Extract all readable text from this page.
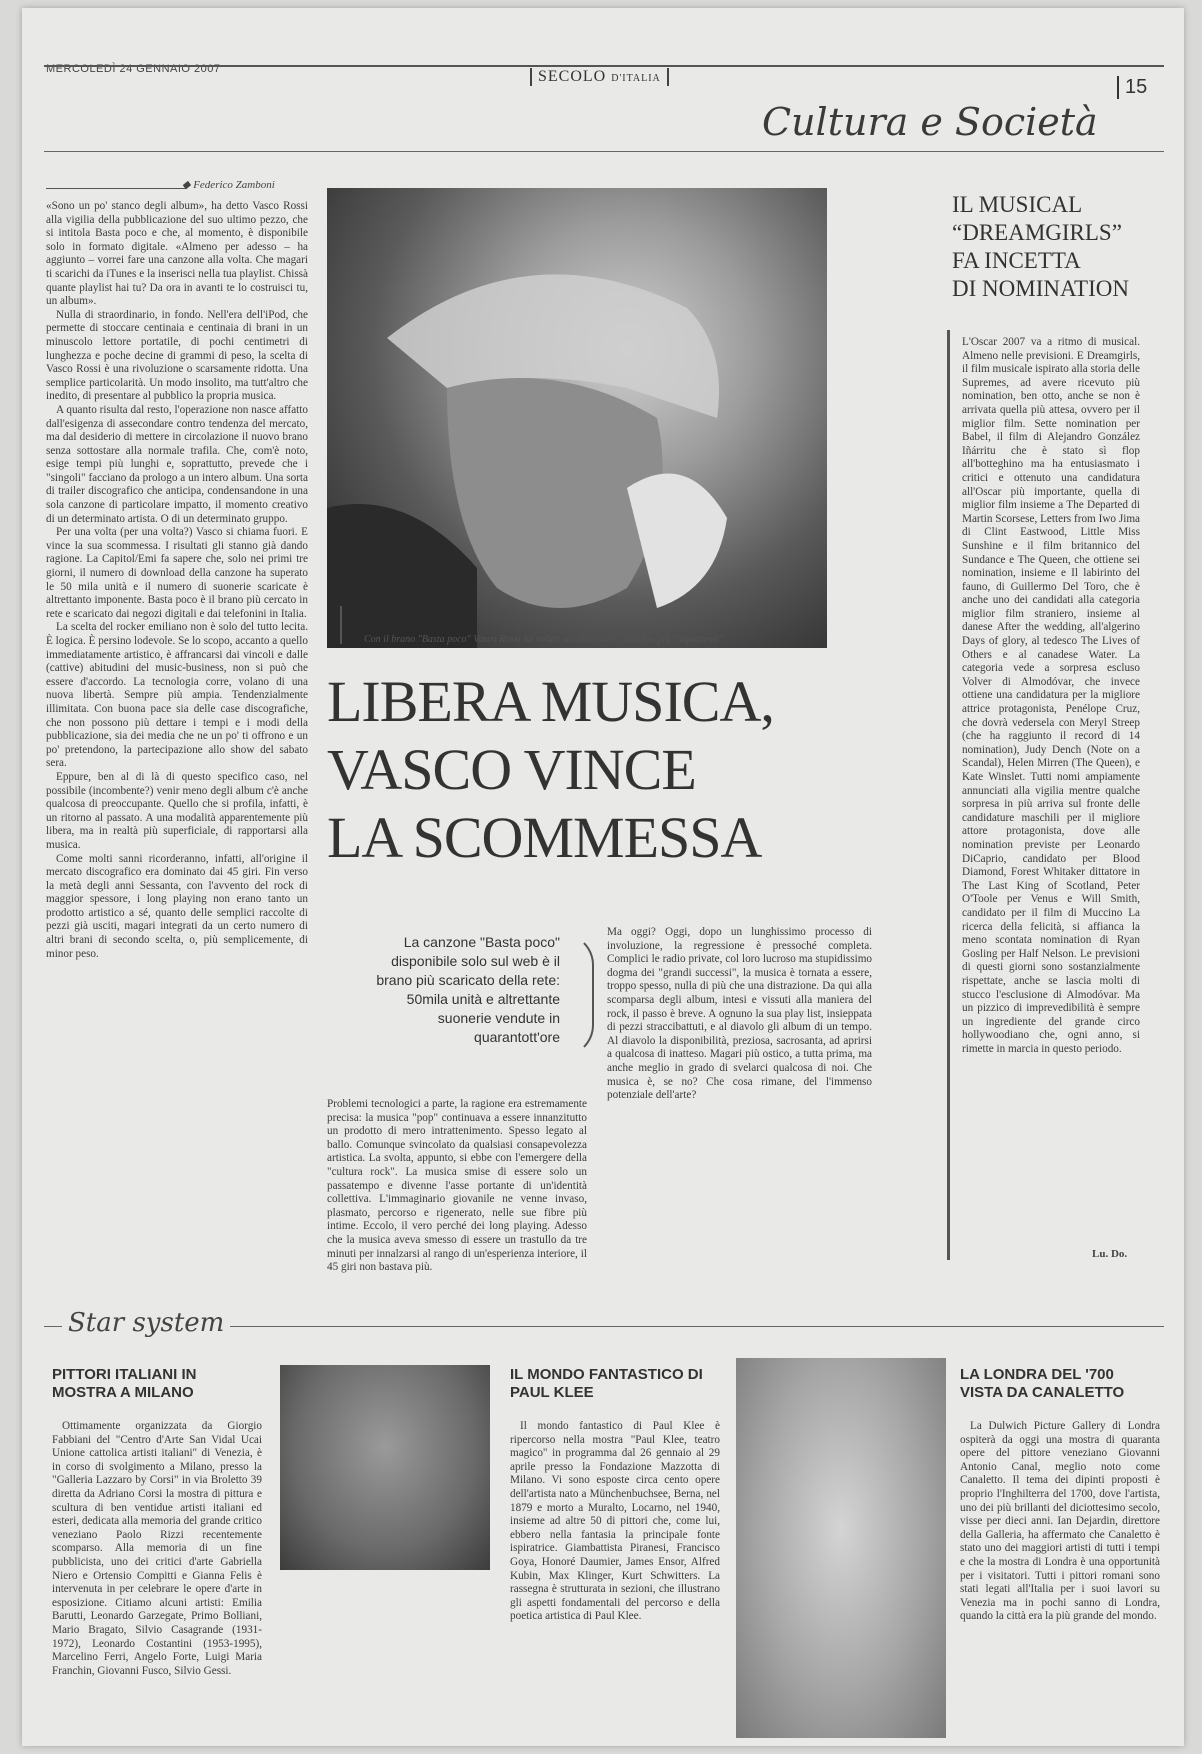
MERCOLEDÌ 24 GENNAIO 2007	SECOLO D'ITALIA	15
Cultura e Società
◆ Federico Zamboni

«Sono un po' stanco degli album», ha detto Vasco Rossi alla vigilia della pubblicazione del suo ultimo pezzo, che si intitola Basta poco e che, al momento, è disponibile solo in formato digitale. «Almeno per adesso – ha aggiunto – vorrei fare una canzone alla volta. Che magari ti scarichi da iTunes e la inserisci nella tua playlist. Chissà quante playlist hai tu? Da ora in avanti te lo costruisci tu, un album».

Nulla di straordinario, in fondo. Nell'era dell'iPod, che permette di stoccare centinaia e centinaia di brani in un minuscolo lettore portatile, di pochi centimetri di lunghezza e poche decine di grammi di peso, la scelta di Vasco Rossi è una rivoluzione o scarsamente ridotta. Una semplice particolarità. Un modo insolito, ma tutt'altro che inedito, di presentare al pubblico la propria musica.

A quanto risulta dal resto, l'operazione non nasce affatto dall'esigenza di assecondare contro tendenza del mercato, ma dal desiderio di mettere in circolazione il nuovo brano senza sottostare alla normale trafila. Che, com'è noto, esige tempi più lunghi e, soprattutto, prevede che i "singoli" facciano da prologo a un intero album. Una sorta di trailer discografico che anticipa, condensandone in una sola canzone di particolare impatto, il momento creativo di un determinato artista. O di un determinato gruppo.

Per una volta (per una volta?) Vasco si chiama fuori. E vince la sua scommessa. I risultati gli stanno già dando ragione. La Capitol/Emi fa sapere che, solo nei primi tre giorni, il numero di download della canzone ha superato le 50 mila unità e il numero di suonerie scaricate è altrettanto imponente. Basta poco è il brano più cercato in rete e scaricato dai negozi digitali e dai telefonini in Italia.

La scelta del rocker emiliano non è solo del tutto lecita. È logica. È persino lodevole. Se lo scopo, accanto a quello immediatamente artistico, è affrancarsi dai vincoli e dalle (cattive) abitudini del music-business, non si può che essere d'accordo. La tecnologia corre, volano di una nuova libertà. Sempre più ampia. Tendenzialmente illimitata. Con buona pace sia delle case discografiche, che non possono più dettare i tempi e i modi della pubblicazione, sia dei media che ne un po' ti offrono e un po' pretendono, la partecipazione allo show del sabato sera.

Eppure, ben al di là di questo specifico caso, nel possibile (incombente?) venir meno degli album c'è anche qualcosa di preoccupante. Quello che si profila, infatti, è un ritorno al passato. A una modalità apparentemente più libera, ma in realtà più superficiale, di rapportarsi alla musica.

Come molti sanni ricorderanno, infatti, all'origine il mercato discografico era dominato dai 45 giri. Fin verso la metà degli anni Sessanta, con l'avvento del rock di maggior spessore, i long playing non erano tanto un prodotto artistico a sé, quanto delle semplici raccolte di pezzi già usciti, magari integrati da un certo numero di altri brani di secondo scelta, o, più semplicemente, di minor peso.

Con il brano "Basta poco" Vasco Rossi ha voluto accontentare i suoi fan più "impazienti"
LIBERA MUSICA,
VASCO VINCE
LA SCOMMESSA
La canzone "Basta poco" disponibile solo sul web è il brano più scaricato della rete: 50mila unità e altrettante suonerie vendute in quarantott'ore

Problemi tecnologici a parte, la ragione era estremamente precisa: la musica "pop" continuava a essere innanzitutto un prodotto di mero intrattenimento. Spesso legato al ballo. Comunque svincolato da qualsiasi consapevolezza artistica. La svolta, appunto, si ebbe con l'emergere della "cultura rock". La musica smise di essere solo un passatempo e divenne l'asse portante di un'identità collettiva. L'immaginario giovanile ne venne invaso, plasmato, percorso e rigenerato, nelle sue fibre più intime. Eccolo, il vero perché dei long playing. Adesso che la musica aveva smesso di essere un trastullo da tre minuti per innalzarsi al rango di un'esperienza interiore, il 45 giri non bastava più.

Ma oggi? Oggi, dopo un lunghissimo processo di involuzione, la regressione è pressoché completa. Complici le radio private, col loro lucroso ma stupidissimo dogma dei "grandi successi", la musica è tornata a essere, troppo spesso, nulla di più che una distrazione. Da qui alla scomparsa degli album, intesi e vissuti alla maniera del rock, il passo è breve. A ognuno la sua play list, insieppata di pezzi straccibattuti, e al diavolo gli album di un tempo. Al diavolo la disponibilità, preziosa, sacrosanta, ad aprirsi a qualcosa di inatteso. Magari più ostico, a tutta prima, ma anche meglio in grado di svelarci qualcosa di noi. Che musica è, se no? Che cosa rimane, del l'immenso potenziale dell'arte?

IL MUSICAL
“DREAMGIRLS”
FA INCETTA
DI NOMINATION

L'Oscar 2007 va a ritmo di musical. Almeno nelle previsioni. E Dreamgirls, il film musicale ispirato alla storia delle Supremes, ad avere ricevuto più nomination, ben otto, anche se non è arrivata quella più attesa, ovvero per il miglior film. Sette nomination per Babel, il film di Alejandro González Iñárritu che è stato sì flop all'botteghino ma ha entusiasmato i critici e ottenuto una candidatura all'Oscar più importante, quella di miglior film insieme a The Departed di Martin Scorsese, Letters from Iwo Jima di Clint Eastwood, Little Miss Sunshine e il film britannico del Sundance e The Queen, che ottiene sei nomination, insieme e Il labirinto del fauno, di Guillermo Del Toro, che è anche uno dei candidati alla categoria miglior film straniero, insieme al danese After the wedding, all'algerino Days of glory, al tedesco The Lives of Others e al canadese Water. La categoria vede a sorpresa escluso Volver di Almodóvar, che invece ottiene una candidatura per la migliore attrice protagonista, Penélope Cruz, che dovrà vedersela con Meryl Streep (che ha raggiunto il record di 14 nomination), Judy Dench (Note on a Scandal), Helen Mirren (The Queen), e Kate Winslet. Tutti nomi ampiamente annunciati alla vigilia mentre qualche sorpresa in più arriva sul fronte delle candidature maschili per il migliore attore protagonista, dove alle nomination previste per Leonardo DiCaprio, candidato per Blood Diamond, Forest Whitaker dittatore in The Last King of Scotland, Peter O'Toole per Venus e Will Smith, candidato per il film di Muccino La ricerca della felicità, si affianca la meno scontata nomination di Ryan Gosling per Half Nelson. Le previsioni di questi giorni sono sostanzialmente rispettate, anche se lascia molti di stucco l'esclusione di Almodóvar. Ma un pizzico di imprevedibilità è sempre un ingrediente del grande circo hollywoodiano che, ogni anno, si rimette in marcia in questo periodo.

Lu. Do.
Star system
PITTORI ITALIANI IN MOSTRA A MILANO

Ottimamente organizzata da Giorgio Fabbiani del "Centro d'Arte San Vidal Ucai Unione cattolica artisti italiani" di Venezia, è in corso di svolgimento a Milano, presso la "Galleria Lazzaro by Corsi" in via Broletto 39 diretta da Adriano Corsi la mostra di pittura e scultura di ben ventidue artisti italiani ed esteri, dedicata alla memoria del grande critico veneziano Paolo Rizzi recentemente scomparso. Alla memoria di un fine pubblicista, uno dei critici d'arte Gabriella Niero e Ortensio Compitti e Gianna Felis è intervenuta in per celebrare le opere d'arte in esposizione. Citiamo alcuni artisti: Emilia Barutti, Leonardo Garzegate, Primo Bolliani, Mario Bragato, Silvio Casagrande (1931-1972), Leonardo Costantini (1953-1995), Marcelino Ferri, Angelo Forte, Luigi Maria Franchin, Giovanni Fusco, Silvio Gessi.

IL MONDO FANTASTICO DI PAUL KLEE

Il mondo fantastico di Paul Klee è ripercorso nella mostra "Paul Klee, teatro magico" in programma dal 26 gennaio al 29 aprile presso la Fondazione Mazzotta di Milano. Vi sono esposte circa cento opere dell'artista nato a Münchenbuchsee, Berna, nel 1879 e morto a Muralto, Locarno, nel 1940, insieme ad altre 50 di pittori che, come lui, ebbero nella fantasia la principale fonte ispiratrice. Giambattista Piranesi, Francisco Goya, Honoré Daumier, James Ensor, Alfred Kubin, Max Klinger, Kurt Schwitters. La rassegna è strutturata in sezioni, che illustrano gli aspetti fondamentali del percorso e della poetica artistica di Paul Klee.

LA LONDRA DEL '700 VISTA DA CANALETTO

La Dulwich Picture Gallery di Londra ospiterà da oggi una mostra di quaranta opere del pittore veneziano Giovanni Antonio Canal, meglio noto come Canaletto. Il tema dei dipinti proposti è proprio l'Inghilterra del 1700, dove l'artista, uno dei più brillanti del diciottesimo secolo, visse per dieci anni. Ian Dejardin, direttore della Galleria, ha affermato che Canaletto è stato uno dei maggiori artisti di tutti i tempi e che la mostra di Londra è una opportunità per i visitatori. Tutti i pittori romani sono stati legati all'Italia per i suoi lavori su Venezia ma in pochi sanno di Londra, quando la città era la più grande del mondo.
